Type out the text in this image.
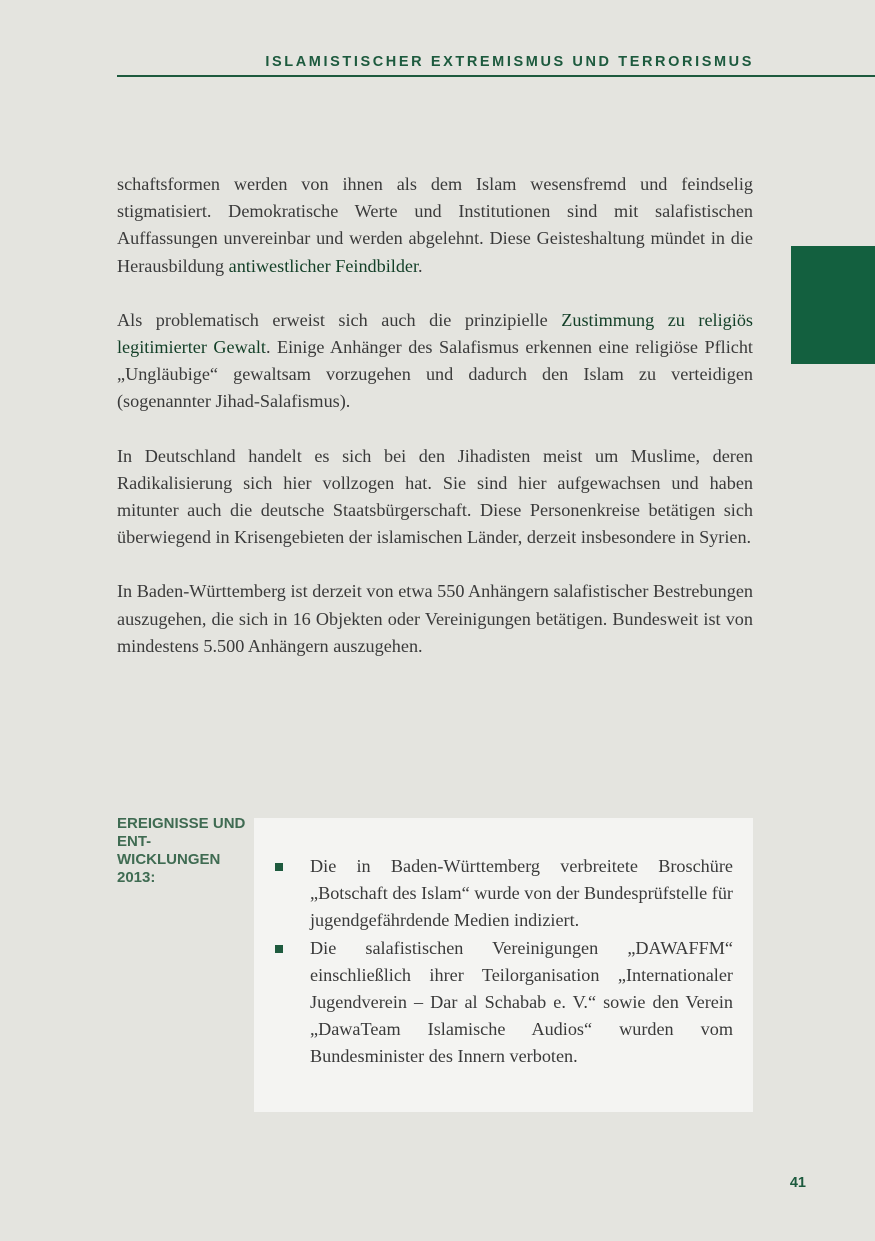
ISLAMISTISCHER EXTREMISMUS UND TERRORISMUS

schaftsformen werden von ihnen als dem Islam wesensfremd und feindselig stigmatisiert. Demokratische Werte und Institutionen sind mit salafistischen Auffassungen unvereinbar und werden abgelehnt. Diese Geisteshaltung mündet in die Herausbildung antiwestlicher Feindbilder.

Als problematisch erweist sich auch die prinzipielle Zustimmung zu religiös legitimierter Gewalt. Einige Anhänger des Salafismus erkennen eine religiöse Pflicht „Ungläubige“ gewaltsam vorzugehen und dadurch den Islam zu verteidigen (sogenannter Jihad-Salafismus).

In Deutschland handelt es sich bei den Jihadisten meist um Muslime, deren Radikalisierung sich hier vollzogen hat. Sie sind hier aufgewachsen und haben mitunter auch die deutsche Staatsbürgerschaft. Diese Personenkreise betätigen sich überwiegend in Krisengebieten der islamischen Länder, derzeit insbesondere in Syrien.

In Baden-Württemberg ist derzeit von etwa 550 Anhängern salafistischer Bestrebungen auszugehen, die sich in 16 Objekten oder Vereinigungen betätigen. Bundesweit ist von mindestens 5.500 Anhängern auszugehen.

EREIGNISSE UND ENT- WICKLUNGEN 2013:
Die in Baden-Württemberg verbreitete Broschüre „Botschaft des Islam“ wurde von der Bundesprüfstelle für jugendgefährdende Medien indiziert.
Die salafistischen Vereinigungen „DAWAFFM“ einschließlich ihrer Teilorganisation „Internationaler Jugendverein – Dar al Schabab e. V.“ sowie den Verein „DawaTeam Islamische Audios“ wurden vom Bundesminister des Innern verboten.
41
